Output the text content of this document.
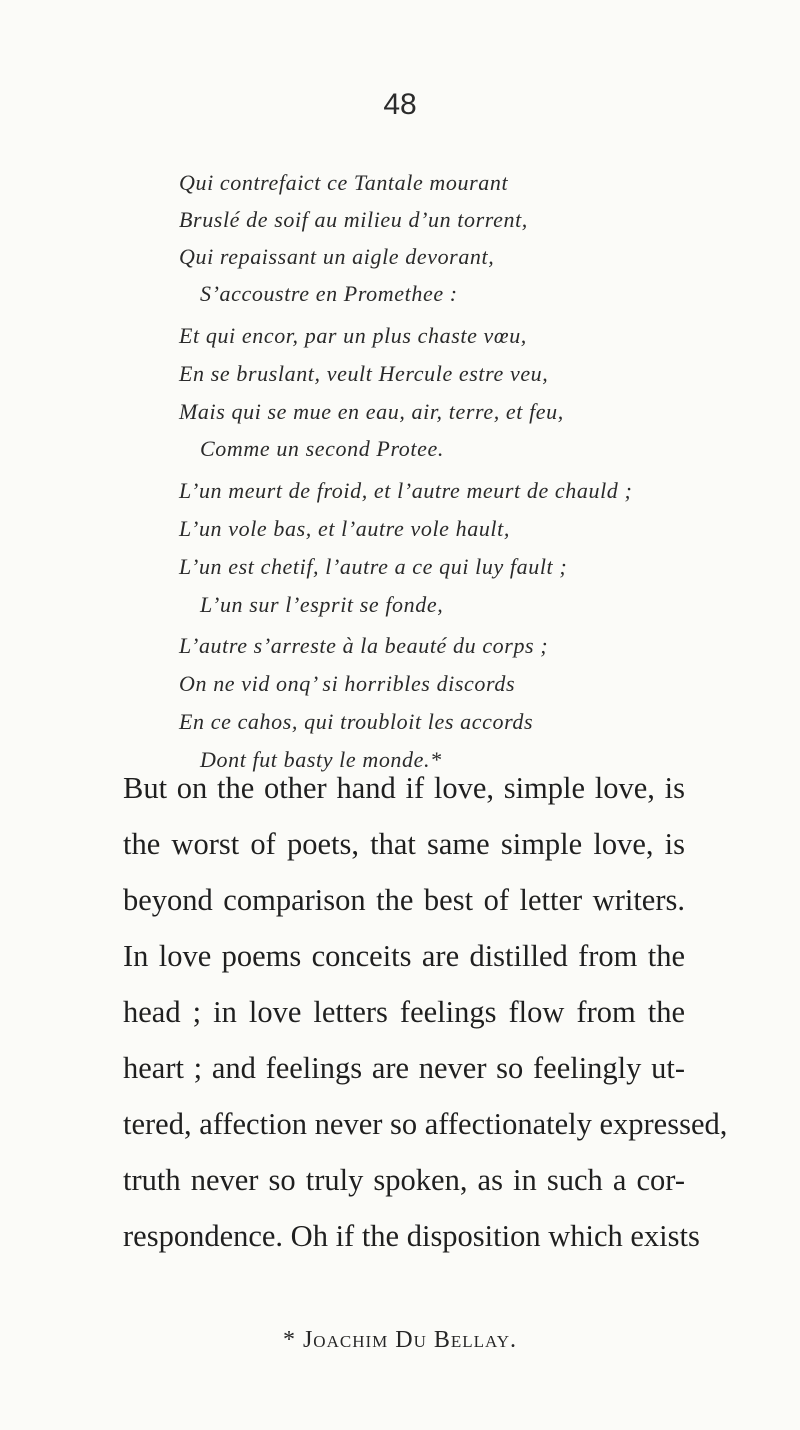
48
Qui contrefaict ce Tantale mourant
Bruslé de soif au milieu d’un torrent,
Qui repaissant un aigle devorant,
S’accoustre en Promethee :
Et qui encor, par un plus chaste vœu,
En se bruslant, veult Hercule estre veu,
Mais qui se mue en eau, air, terre, et feu,
Comme un second Protee.
L’un meurt de froid, et l’autre meurt de chauld ;
L’un vole bas, et l’autre vole hault,
L’un est chetif, l’autre a ce qui luy fault ;
L’un sur l’esprit se fonde,
L’autre s’arreste à la beauté du corps ;
On ne vid onq’ si horribles discords
En ce cahos, qui troubloit les accords
Dont fut basty le monde.*
But on the other hand if love, simple love, is
the worst of poets, that same simple love, is
beyond comparison the best of letter writers.
In love poems conceits are distilled from the
head ; in love letters feelings flow from the
heart ; and feelings are never so feelingly ut-
tered, affection never so affectionately expressed,
truth never so truly spoken, as in such a cor-
respondence. Oh if the disposition which exists
* Joachim Du Bellay.
